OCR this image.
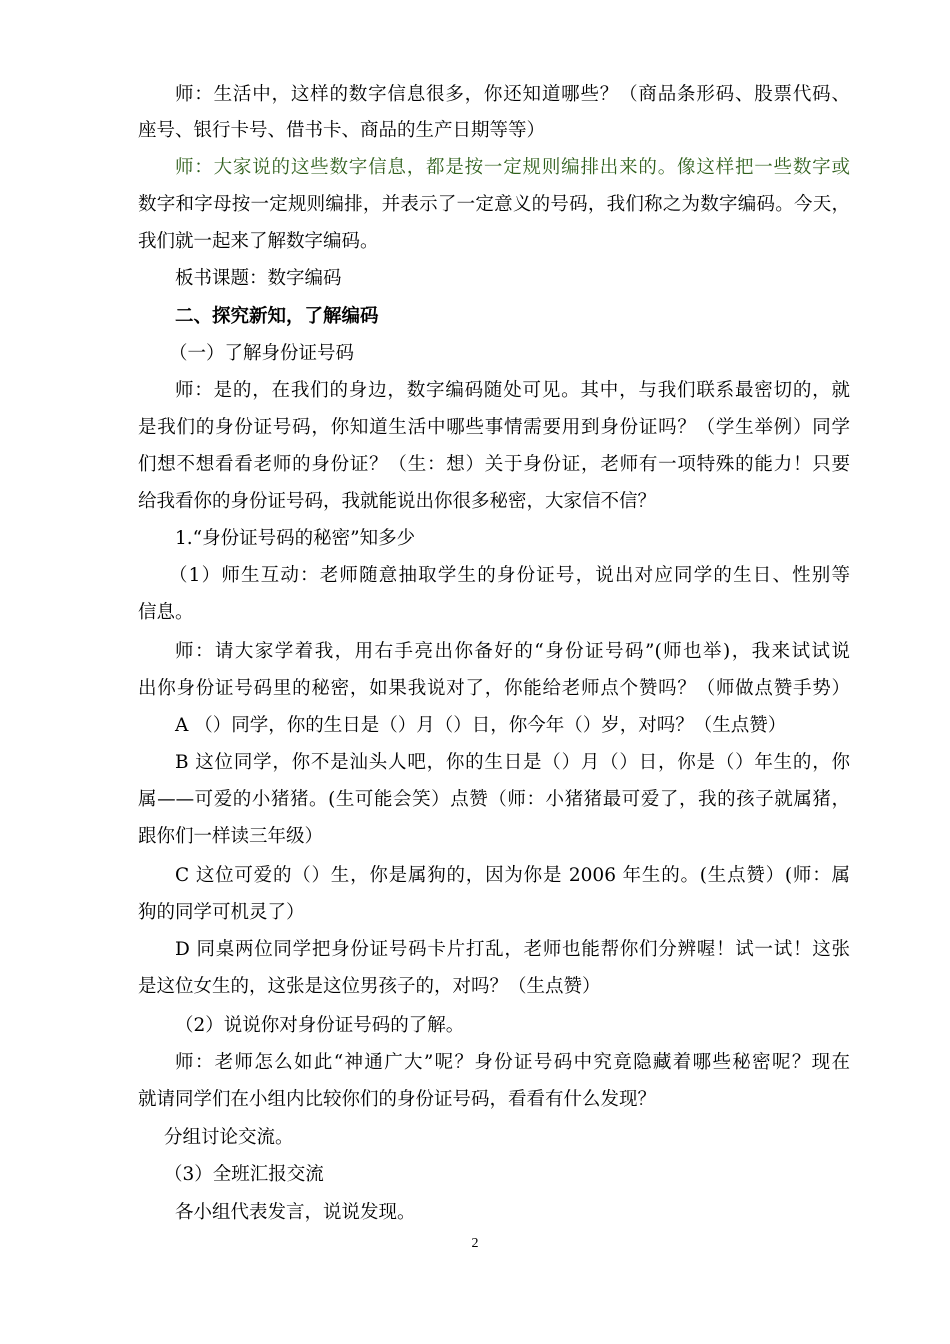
师：生活中，这样的数字信息很多，你还知道哪些？（商品条形码、股票代码、
座号、银行卡号、借书卡、商品的生产日期等等）
师：大家说的这些数字信息，都是按一定规则编排出来的。像这样把一些数字或
数字和字母按一定规则编排，并表示了一定意义的号码，我们称之为数字编码。今天，
我们就一起来了解数字编码。
板书课题：数字编码
二、探究新知，了解编码
（一）了解身份证号码
师：是的，在我们的身边，数字编码随处可见。其中，与我们联系最密切的，就
是我们的身份证号码，你知道生活中哪些事情需要用到身份证吗？（学生举例）同学
们想不想看看老师的身份证？（生：想）关于身份证，老师有一项特殊的能力！只要
给我看你的身份证号码，我就能说出你很多秘密，大家信不信？
1.“身份证号码的秘密”知多少
（1）师生互动：老师随意抽取学生的身份证号，说出对应同学的生日、性别等
信息。
师：请大家学着我，用右手亮出你备好的“身份证号码”(师也举)，我来试试说
出你身份证号码里的秘密，如果我说对了，你能给老师点个赞吗？（师做点赞手势）
A （）同学，你的生日是（）月（）日，你今年（）岁，对吗？（生点赞）
B 这位同学，你不是汕头人吧，你的生日是（）月（）日，你是（）年生的，你
属——可爱的小猪猪。(生可能会笑）点赞（师：小猪猪最可爱了，我的孩子就属猪，
跟你们一样读三年级）
C 这位可爱的（）生，你是属狗的，因为你是 2006 年生的。(生点赞）(师：属
狗的同学可机灵了）
D 同桌两位同学把身份证号码卡片打乱，老师也能帮你们分辨喔！试一试！这张
是这位女生的，这张是这位男孩子的，对吗？（生点赞）
（2）说说你对身份证号码的了解。
师：老师怎么如此“神通广大”呢？身份证号码中究竟隐藏着哪些秘密呢？现在
就请同学们在小组内比较你们的身份证号码，看看有什么发现？
分组讨论交流。
（3）全班汇报交流
各小组代表发言，说说发现。
2
